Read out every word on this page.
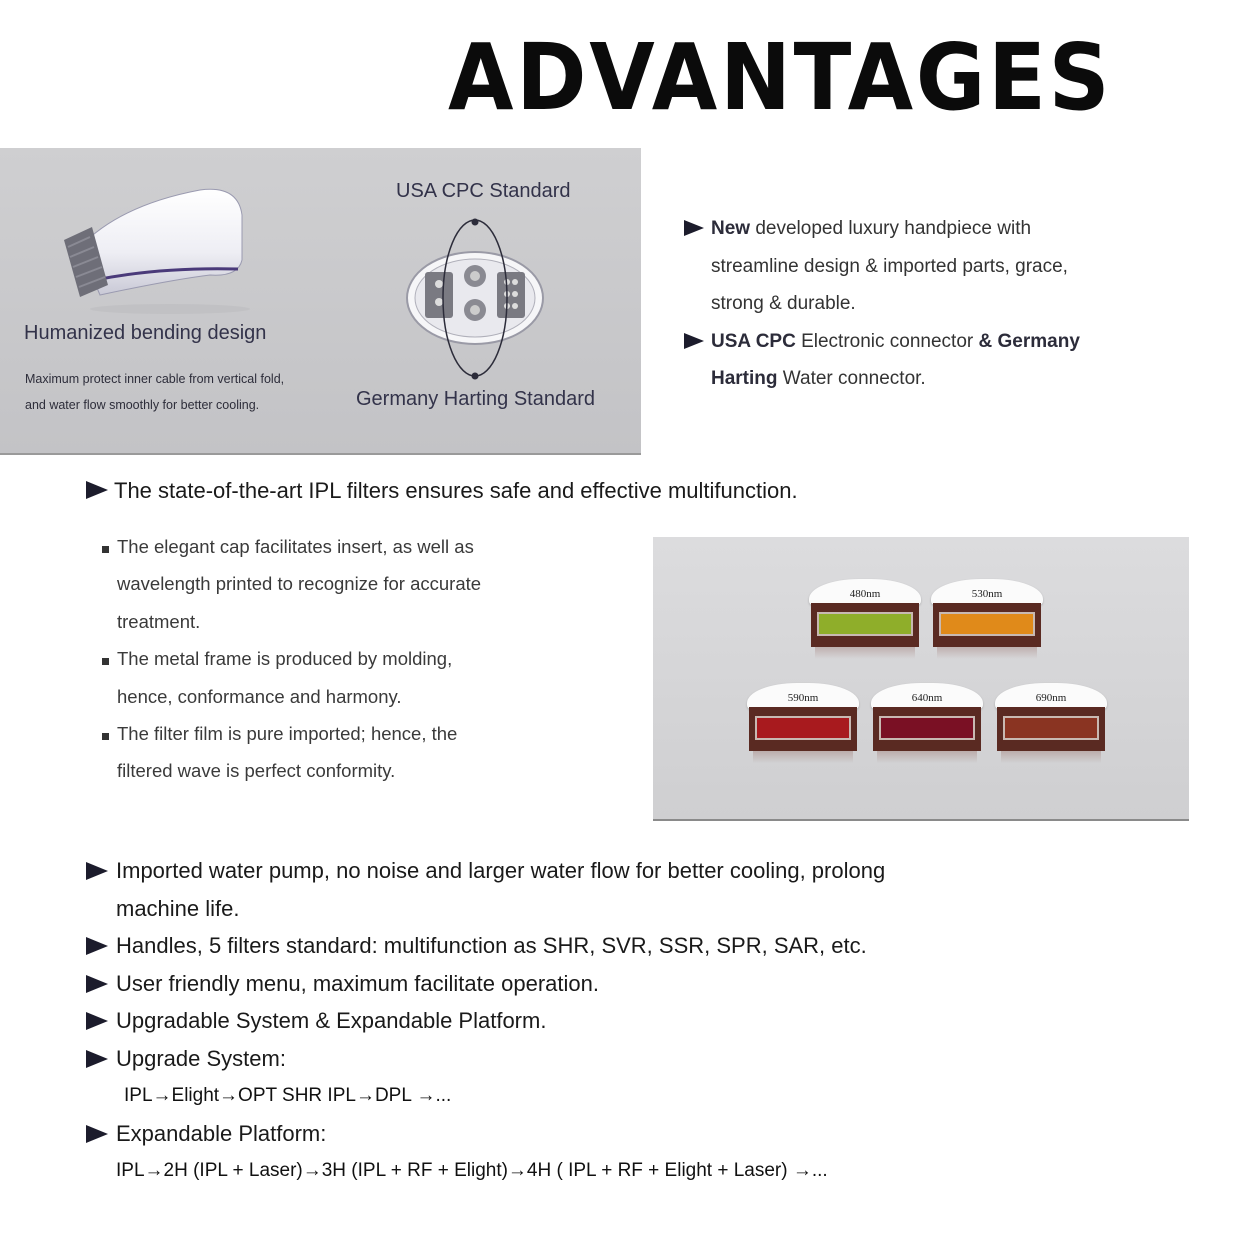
ADVANTAGES
Humanized bending design
Maximum protect inner cable from vertical fold,
and water flow smoothly for better cooling.
USA CPC Standard
Germany Harting Standard
New developed luxury handpiece with
streamline design & imported parts, grace,
strong & durable.
USA CPC Electronic connector & Germany
Harting Water connector.
The state-of-the-art IPL filters ensures safe and effective multifunction.
The elegant cap facilitates insert, as well as
wavelength printed to recognize for accurate
treatment.
The metal frame is produced by molding,
hence, conformance and harmony.
The filter film is pure imported; hence, the
filtered wave is perfect conformity.
480nm	530nm
590nm	640nm	690nm
Imported water pump, no noise and larger water flow for better cooling, prolong
machine life.
Handles, 5 filters standard: multifunction as SHR, SVR, SSR, SPR, SAR, etc.
User friendly menu, maximum facilitate operation.
Upgradable System & Expandable Platform.
Upgrade System:
IPL→Elight→OPT SHR IPL→DPL →...
Expandable Platform:
IPL→2H (IPL + Laser)→3H (IPL + RF + Elight)→4H ( IPL + RF + Elight + Laser) →...
